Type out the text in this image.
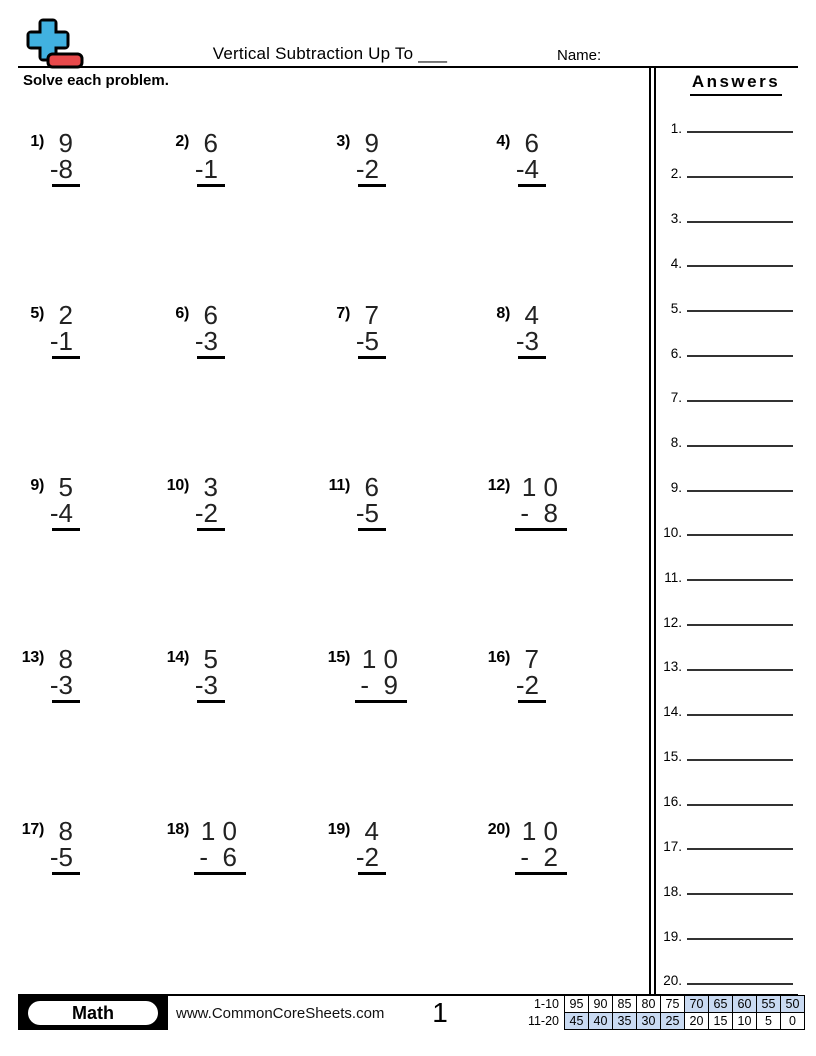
Vertical Subtraction Up To ___	Name:
Solve each problem.
1) 9
-8
2) 6
-1
3) 9
-2
4) 6
-4
5) 2
-1
6) 6
-3
7) 7
-5
8) 4
-3
9) 5
-4
10) 3
-2
11) 6
-5
12) 1 0
-  8
13) 8
-3
14) 5
-3
15) 1 0
-  9
16) 7
-2
17) 8
-5
18) 1 0
-  6
19) 4
-2
20) 1 0
-  2
Answers
1.
2.
3.
4.
5.
6.
7.
8.
9.
10.
11.
12.
13.
14.
15.
16.
17.
18.
19.
20.
Math	www.CommonCoreSheets.com	1	1-10	95	90	85	80	75	70	65	60	55	50
11-20	45	40	35	30	25	20	15	10	5	0
